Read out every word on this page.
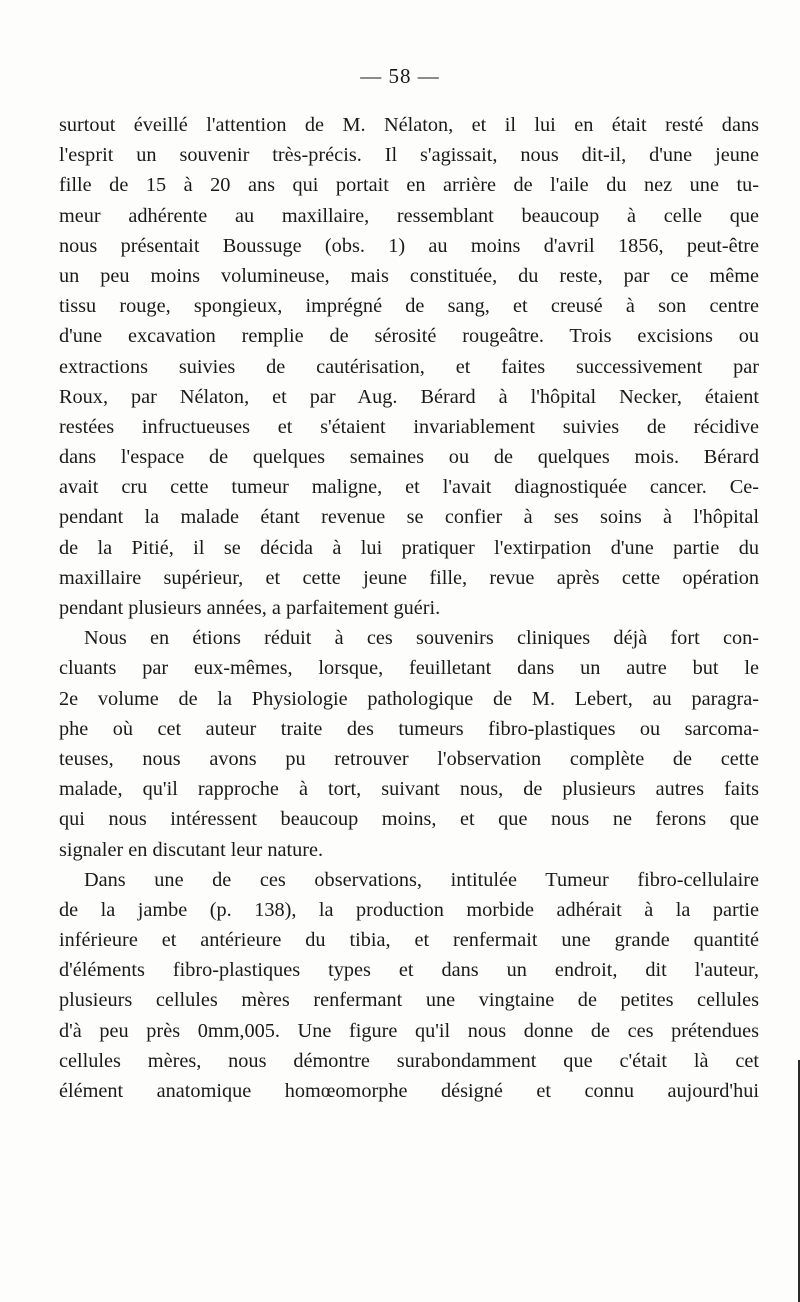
— 58 —
surtout éveillé l'attention de M. Nélaton, et il lui en était resté dans
l'esprit un souvenir très-précis. Il s'agissait, nous dit-il, d'une jeune
fille de 15 à 20 ans qui portait en arrière de l'aile du nez une tu-
meur adhérente au maxillaire, ressemblant beaucoup à celle que
nous présentait Boussuge (obs. 1) au moins d'avril 1856, peut-être
un peu moins volumineuse, mais constituée, du reste, par ce même
tissu rouge, spongieux, imprégné de sang, et creusé à son centre
d'une excavation remplie de sérosité rougeâtre. Trois excisions ou
extractions suivies de cautérisation, et faites successivement par
Roux, par Nélaton, et par Aug. Bérard à l'hôpital Necker, étaient
restées infructueuses et s'étaient invariablement suivies de récidive
dans l'espace de quelques semaines ou de quelques mois. Bérard
avait cru cette tumeur maligne, et l'avait diagnostiquée cancer. Ce-
pendant la malade étant revenue se confier à ses soins à l'hôpital
de la Pitié, il se décida à lui pratiquer l'extirpation d'une partie du
maxillaire supérieur, et cette jeune fille, revue après cette opération
pendant plusieurs années, a parfaitement guéri.
Nous en étions réduit à ces souvenirs cliniques déjà fort con-
cluants par eux-mêmes, lorsque, feuilletant dans un autre but le
2e volume de la Physiologie pathologique de M. Lebert, au paragra-
phe où cet auteur traite des tumeurs fibro-plastiques ou sarcoma-
teuses, nous avons pu retrouver l'observation complète de cette
malade, qu'il rapproche à tort, suivant nous, de plusieurs autres faits
qui nous intéressent beaucoup moins, et que nous ne ferons que
signaler en discutant leur nature.
Dans une de ces observations, intitulée Tumeur fibro-cellulaire
de la jambe (p. 138), la production morbide adhérait à la partie
inférieure et antérieure du tibia, et renfermait une grande quantité
d'éléments fibro-plastiques types et dans un endroit, dit l'auteur,
plusieurs cellules mères renfermant une vingtaine de petites cellules
d'à peu près 0mm,005. Une figure qu'il nous donne de ces prétendues
cellules mères, nous démontre surabondamment que c'était là cet
élément anatomique homœomorphe désigné et connu aujourd'hui
